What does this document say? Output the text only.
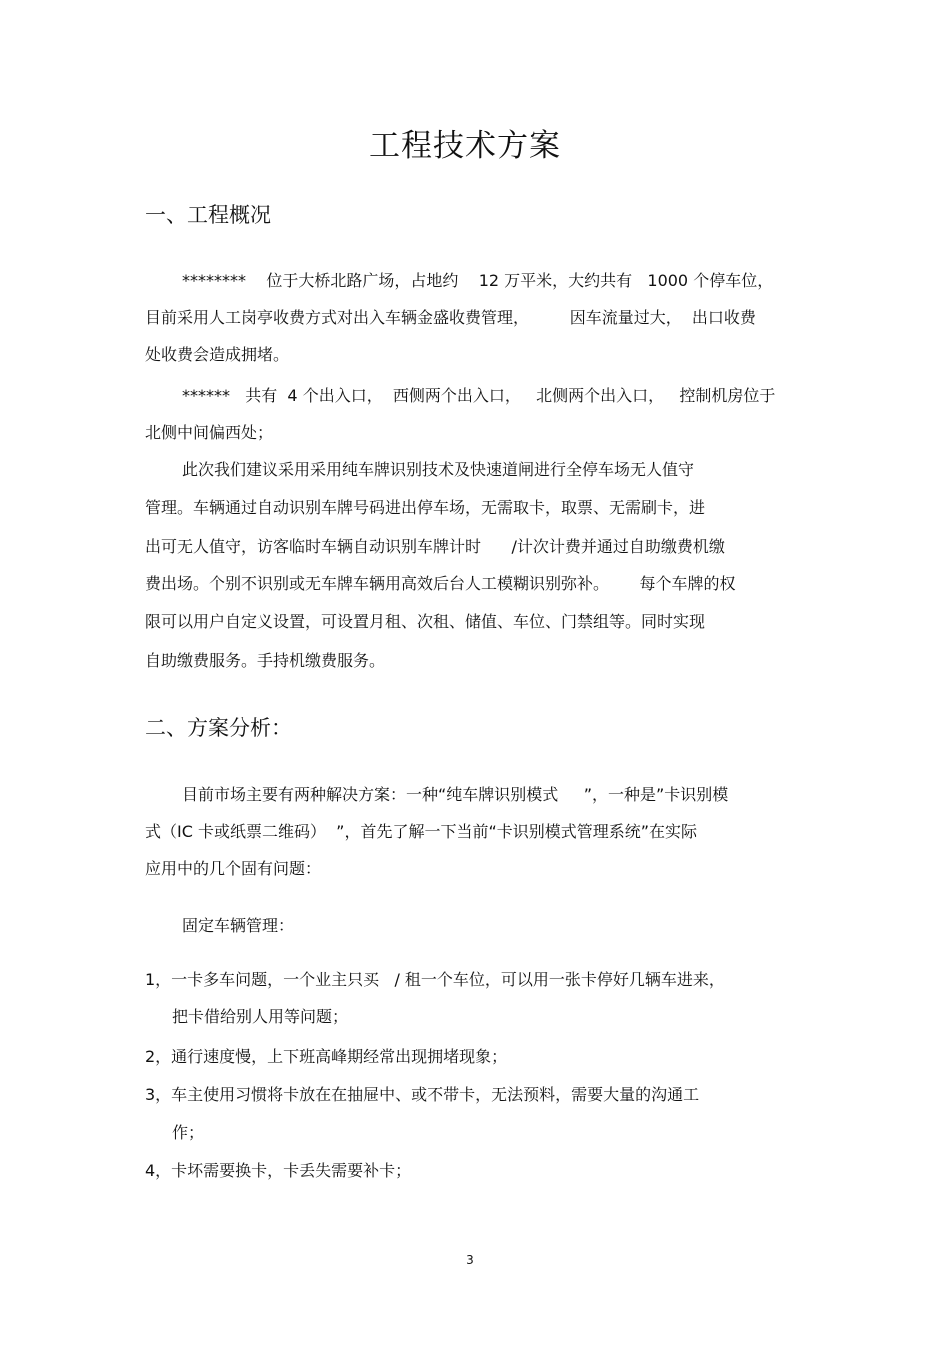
工程技术方案
一、工程概况
********    位于大桥北路广场，占地约    12 万平米，大约共有   1000 个停车位，
目前采用人工岗亭收费方式对出入车辆金盛收费管理，        因车流量过大，  出口收费
处收费会造成拥堵。
******   共有  4 个出入口，  西侧两个出入口，   北侧两个出入口，   控制机房位于
北侧中间偏西处；
此次我们建议采用采用纯车牌识别技术及快速道闸进行全停车场无人值守
管理。车辆通过自动识别车牌号码进出停车场，无需取卡，取票、无需刷卡，进
出可无人值守，访客临时车辆自动识别车牌计时      /计次计费并通过自助缴费机缴
费出场。个别不识别或无车牌车辆用高效后台人工模糊识别弥补。      每个车牌的权
限可以用户自定义设置，可设置月租、次租、储值、车位、门禁组等。同时实现
自助缴费服务。手持机缴费服务。
二、方案分析：
目前市场主要有两种解决方案：一种“纯车牌识别模式     ”，一种是”卡识别模
式（IC 卡或纸票二维码）  ”，首先了解一下当前“卡识别模式管理系统”在实际
应用中的几个固有问题：
固定车辆管理：
1，一卡多车问题，一个业主只买   / 租一个车位，可以用一张卡停好几辆车进来，
把卡借给别人用等问题；
2，通行速度慢，上下班高峰期经常出现拥堵现象；
3，车主使用习惯将卡放在在抽屉中、或不带卡，无法预料，需要大量的沟通工
作；
4，卡坏需要换卡，卡丢失需要补卡；
3
